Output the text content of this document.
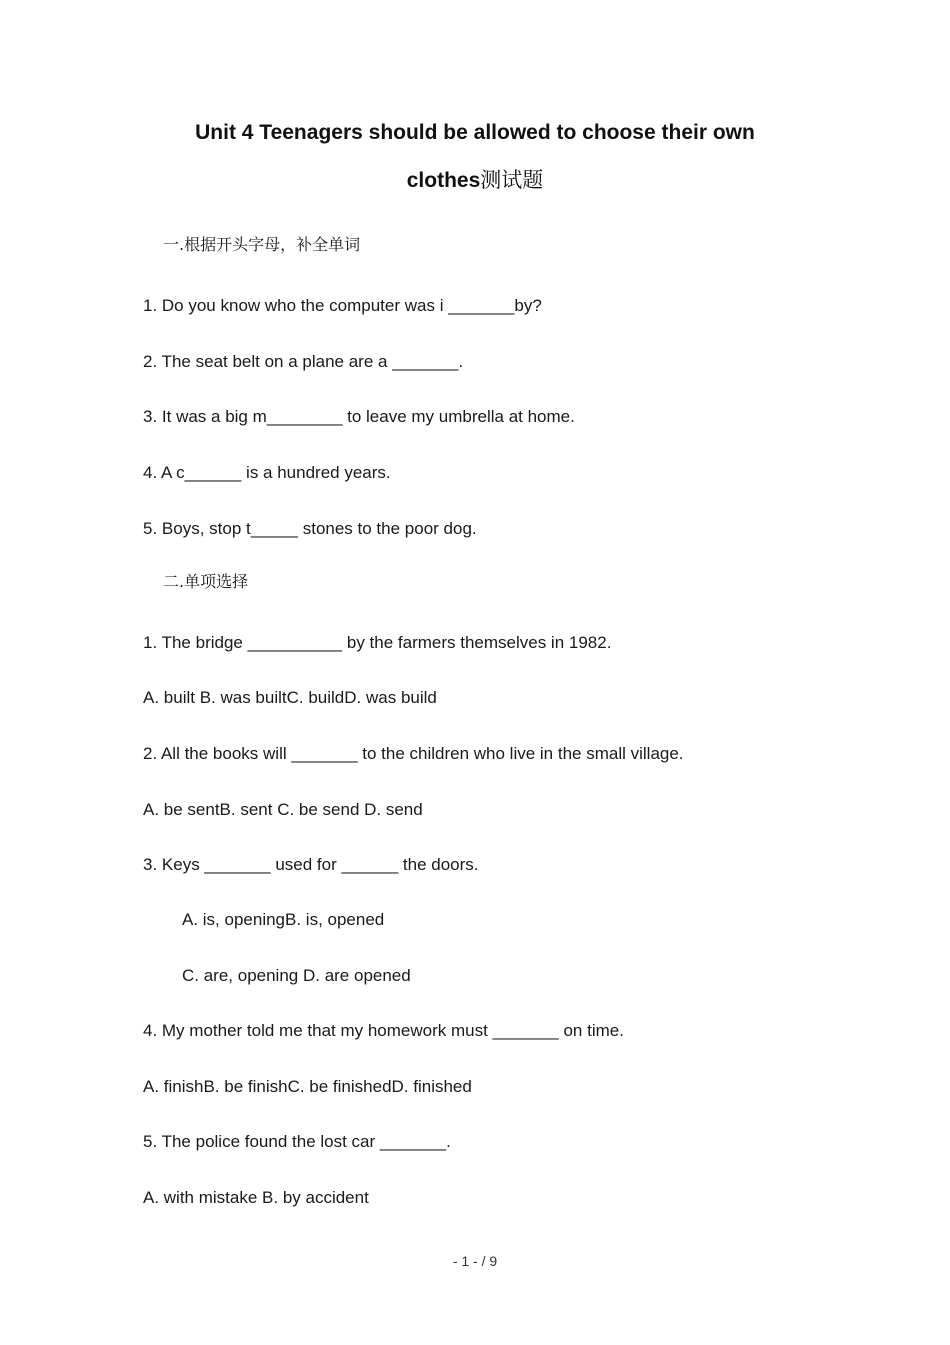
Unit 4 Teenagers should be allowed to choose their own
clothes测试题
一.根据开头字母，补全单词
1. Do you know who the computer was i _______by?
2. The seat belt on a plane are a _______.
3. It was a big m________ to leave my umbrella at home.
4. A c______ is a hundred years.
5. Boys, stop t_____ stones to the poor dog.
二.单项选择
1. The bridge __________ by the farmers themselves in 1982.
A. built B. was builtC. buildD. was build
2. All the books will _______ to the children who live in the small village.
A. be sentB. sent C. be send D. send
3. Keys _______ used for ______ the doors.
A. is, openingB. is, opened
C. are, opening D. are opened
4. My mother told me that my homework must _______ on time.
A. finishB. be finishC. be finishedD. finished
5. The police found the lost car _______.
A. with mistake B. by accident
- 1 - / 9
